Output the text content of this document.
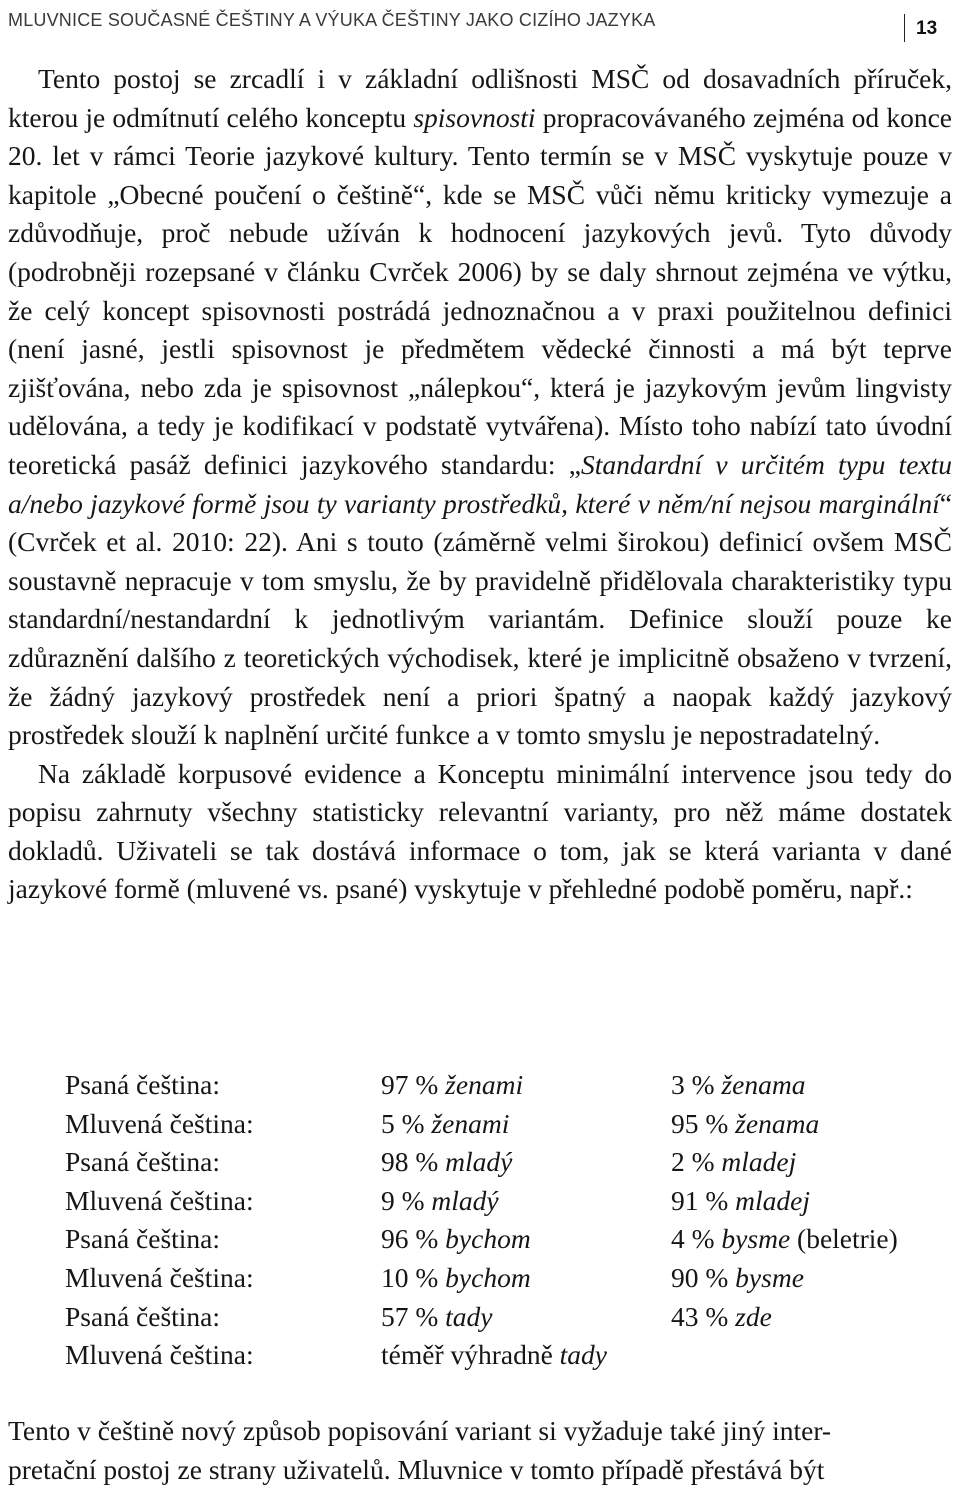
MLUVNICE SOUČASNÉ ČEŠTINY A VÝUKA ČEŠTINY JAKO CIZÍHO JAZYKA	13

Tento postoj se zrcadlí i v základní odlišnosti MSČ od dosavadních příruček, kterou je odmítnutí celého konceptu spisovnosti propracovávaného zejména od konce 20. let v rámci Teorie jazykové kultury. Tento termín se v MSČ vyskytuje pouze v kapitole „Obecné poučení o češtině“, kde se MSČ vůči němu kriticky vymezuje a zdůvodňuje, proč nebude užíván k hodnocení jazykových jevů. Tyto důvody (podrobněji rozepsané v článku Cvrček 2006) by se daly shrnout zejména ve výtku, že celý koncept spisovnosti postrádá jednoznačnou a v praxi použitelnou definici (není jasné, jestli spisovnost je předmětem vědecké činnosti a má být teprve zjišťována, nebo zda je spisovnost „nálepkou“, která je jazykovým jevům lingvisty udělována, a tedy je kodifikací v podstatě vytvářena). Místo toho nabízí tato úvodní teoretická pasáž definici jazykového standardu: „Standardní v určitém typu textu a/nebo jazykové formě jsou ty varianty prostředků, které v něm/ní nejsou marginální“ (Cvrček et al. 2010: 22). Ani s touto (záměrně velmi širokou) definicí ovšem MSČ soustavně nepracuje v tom smyslu, že by pravidelně přidělovala charakteristiky typu standardní/nestandardní k jednotlivým variantám. Definice slouží pouze ke zdůraznění dalšího z teoretických východisek, které je implicitně obsaženo v tvrzení, že žádný jazykový prostředek není a priori špatný a naopak každý jazykový prostředek slouží k naplnění určité funkce a v tomto smyslu je nepostradatelný.

Na základě korpusové evidence a Konceptu minimální intervence jsou tedy do popisu zahrnuty všechny statisticky relevantní varianty, pro něž máme dostatek dokladů. Uživateli se tak dostává informace o tom, jak se která varianta v dané jazykové formě (mluvené vs. psané) vyskytuje v přehledné podobě poměru, např.:

Psaná čeština:	97 % ženami	3 % ženama
Mluvená čeština:	5 % ženami	95 % ženama
Psaná čeština:	98 % mladý	2 % mladej
Mluvená čeština:	9 % mladý	91 % mladej
Psaná čeština:	96 % bychom	4 % bysme (beletrie)
Mluvená čeština:	10 % bychom	90 % bysme
Psaná čeština:	57 % tady	43 % zde
Mluvená čeština:	téměř výhradně tady
Tento v češtině nový způsob popisování variant si vyžaduje také jiný inter-
pretační postoj ze strany uživatelů. Mluvnice v tomto případě přestává být
